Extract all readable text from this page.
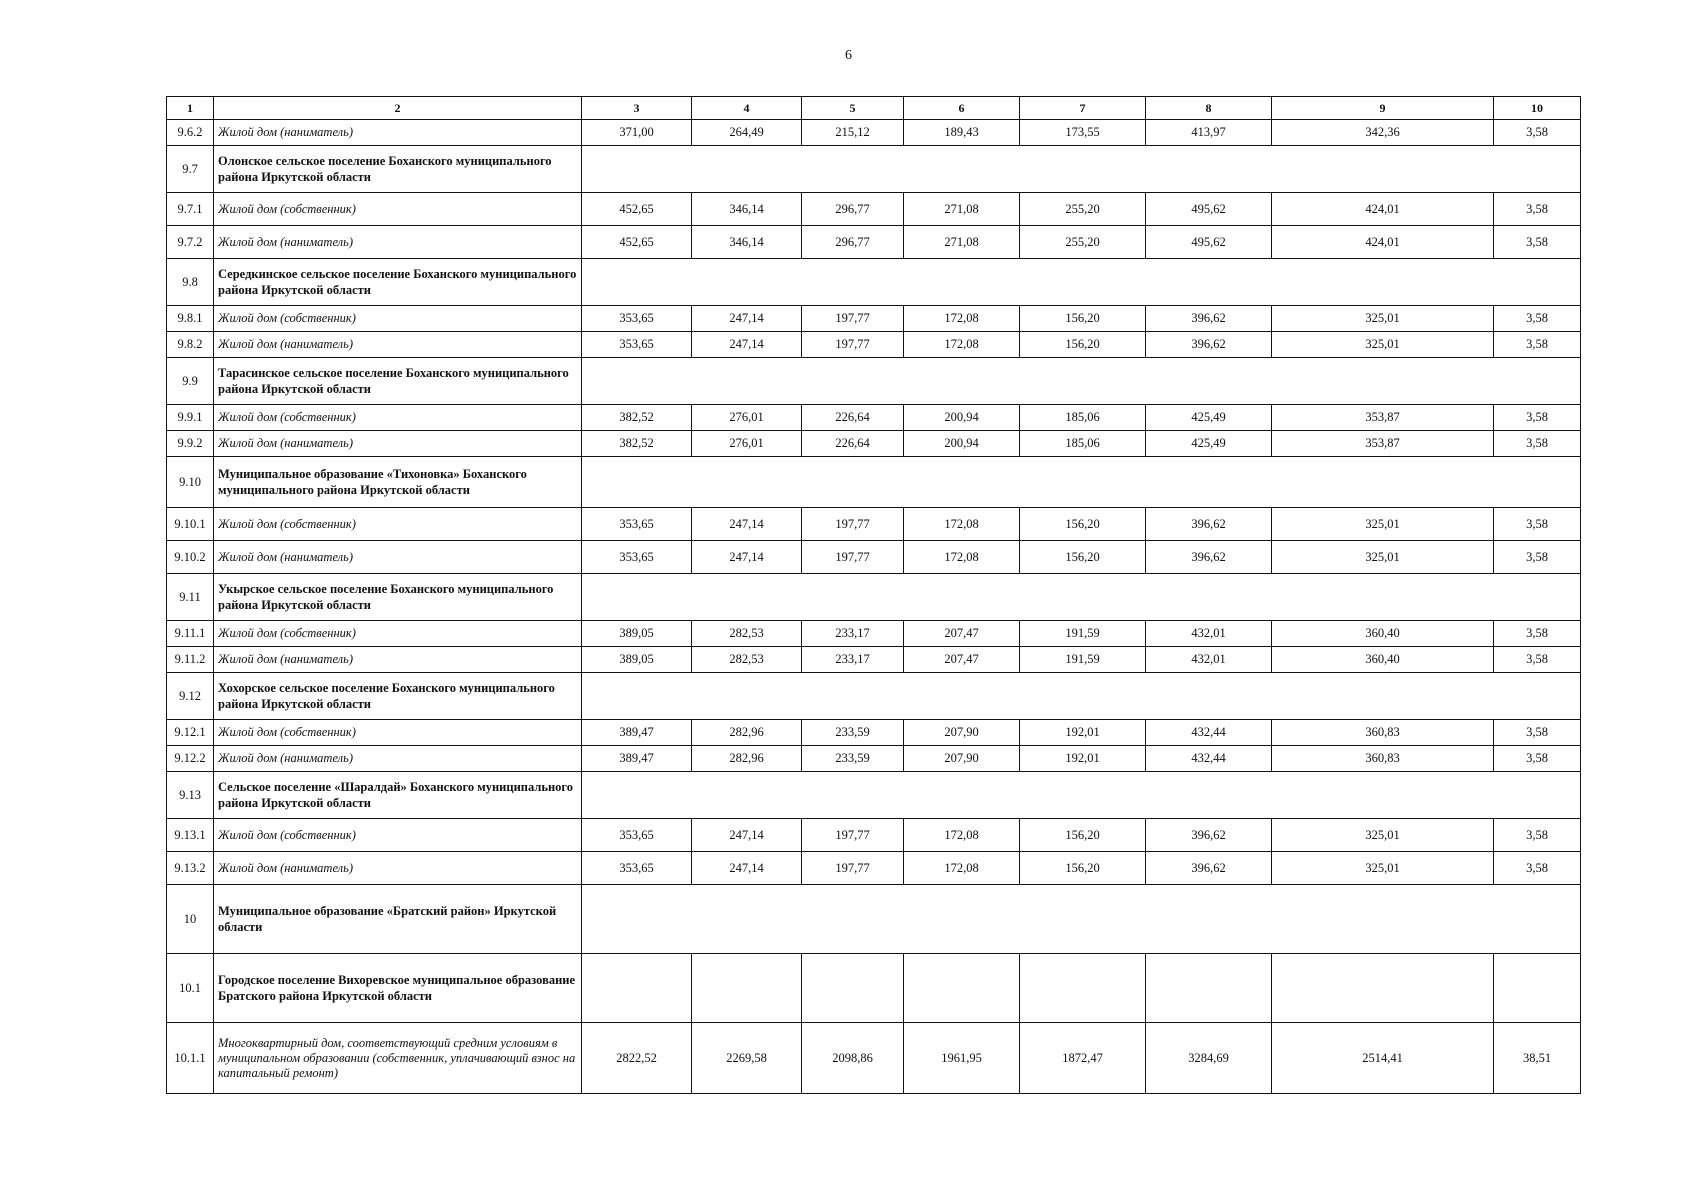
6
1	2	3	4	5	6	7	8	9	10
9.6.2	Жилой дом (наниматель)	371,00	264,49	215,12	189,43	173,55	413,97	342,36	3,58
9.7	Олонское сельское поселение Боханского муниципального района Иркутской области								
9.7.1	Жилой дом (собственник)	452,65	346,14	296,77	271,08	255,20	495,62	424,01	3,58
9.7.2	Жилой дом (наниматель)	452,65	346,14	296,77	271,08	255,20	495,62	424,01	3,58
9.8	Середкинское сельское поселение Боханского муниципального района Иркутской области								
9.8.1	Жилой дом (собственник)	353,65	247,14	197,77	172,08	156,20	396,62	325,01	3,58
9.8.2	Жилой дом (наниматель)	353,65	247,14	197,77	172,08	156,20	396,62	325,01	3,58
9.9	Тарасинское сельское поселение Боханского муниципального района Иркутской области								
9.9.1	Жилой дом (собственник)	382,52	276,01	226,64	200,94	185,06	425,49	353,87	3,58
9.9.2	Жилой дом (наниматель)	382,52	276,01	226,64	200,94	185,06	425,49	353,87	3,58
9.10	Муниципальное образование «Тихоновка» Боханского муниципального района Иркутской области								
9.10.1	Жилой дом (собственник)	353,65	247,14	197,77	172,08	156,20	396,62	325,01	3,58
9.10.2	Жилой дом (наниматель)	353,65	247,14	197,77	172,08	156,20	396,62	325,01	3,58
9.11	Укырское сельское поселение Боханского муниципального района Иркутской области								
9.11.1	Жилой дом (собственник)	389,05	282,53	233,17	207,47	191,59	432,01	360,40	3,58
9.11.2	Жилой дом (наниматель)	389,05	282,53	233,17	207,47	191,59	432,01	360,40	3,58
9.12	Хохорское сельское поселение Боханского муниципального района Иркутской области								
9.12.1	Жилой дом (собственник)	389,47	282,96	233,59	207,90	192,01	432,44	360,83	3,58
9.12.2	Жилой дом (наниматель)	389,47	282,96	233,59	207,90	192,01	432,44	360,83	3,58
9.13	Сельское поселение «Шаралдай» Боханского муниципального района Иркутской области								
9.13.1	Жилой дом (собственник)	353,65	247,14	197,77	172,08	156,20	396,62	325,01	3,58
9.13.2	Жилой дом (наниматель)	353,65	247,14	197,77	172,08	156,20	396,62	325,01	3,58
10	Муниципальное образование «Братский район» Иркутской области								
10.1	Городское поселение Вихоревское муниципальное образование Братского района Иркутской области								
10.1.1	Многоквартирный дом, соответствующий средним условиям в муниципальном образовании (собственник, уплачивающий взнос на капитальный ремонт)	2822,52	2269,58	2098,86	1961,95	1872,47	3284,69	2514,41	38,51
